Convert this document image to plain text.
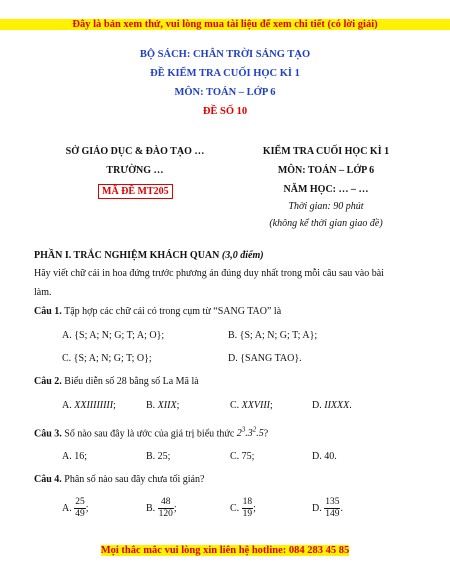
Đây là bản xem thử, vui lòng mua tài liệu để xem chi tiết (có lời giải)
BỘ SÁCH: CHÂN TRỜI SÁNG TẠO
ĐỀ KIỂM TRA CUỐI HỌC KÌ 1
MÔN: TOÁN – LỚP 6
ĐỀ SỐ 10
SỞ GIÁO DỤC & ĐÀO TẠO …
TRƯỜNG …
MÃ ĐỀ MT205
KIỂM TRA CUỐI HỌC KÌ 1
MÔN: TOÁN – LỚP 6
NĂM HỌC: … – …
Thời gian: 90 phút
(không kể thời gian giao đề)
PHẦN I. TRẮC NGHIỆM KHÁCH QUAN (3,0 điểm)
Hãy viết chữ cái in hoa đứng trước phương án đúng duy nhất trong mỗi câu sau vào bài
làm.
Câu 1. Tập hợp các chữ cái có trong cụm từ “SANG TAO” là
A. {S; A; N; G; T; A; O};	B. {S; A; N; G; T; A};
C. {S; A; N; G; T; O};	D. {SANG TAO}.
Câu 2. Biểu diễn số 28 bằng số La Mã là
A. XXIIIIIIII;	B. XIIX;	C. XXVIII;	D. IIXXX.
Câu 3. Số nào sau đây là ước của giá trị biểu thức $2^3.3^2.5$?
A. 16;	B. 25;	C. 75;	D. 40.
Câu 4. Phân số nào sau đây chưa tối giản?
A. $\frac{25}{49}$ ;	B. $\frac{48}{120}$ ;	C. $\frac{18}{19}$ ;	D. $\frac{135}{149}$ .
Mọi thắc mắc vui lòng xin liên hệ hotline: 084 283 45 85
